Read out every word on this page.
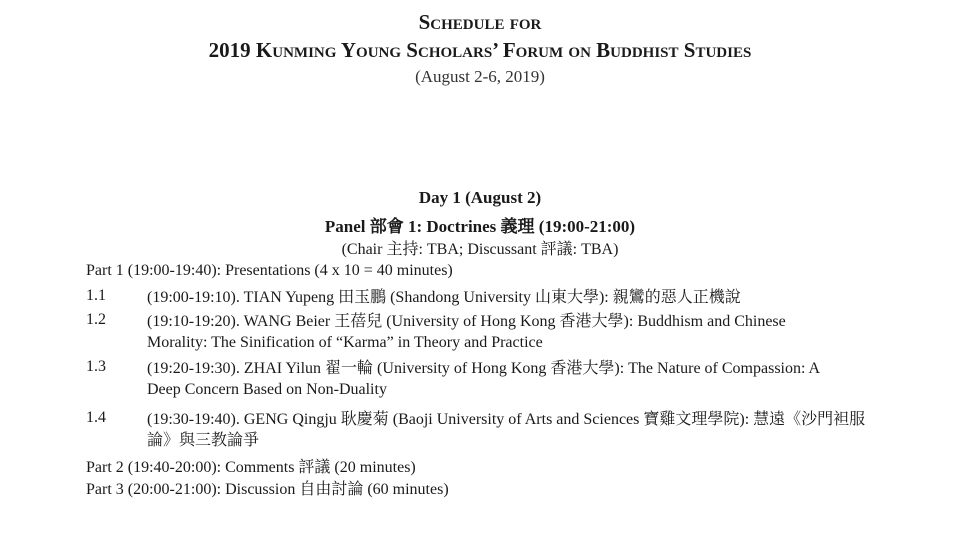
Schedule for
2019 Kunming Young Scholars’ Forum on Buddhist Studies
(August 2-6, 2019)
Day 1 (August 2)
Panel 部會 1: Doctrines 義理 (19:00-21:00)
(Chair 主持: TBA; Discussant 評議: TBA)
Part 1 (19:00-19:40): Presentations (4 x 10 = 40 minutes)
1.1	(19:00-19:10). TIAN Yupeng 田玉鵬 (Shandong University 山東大學): 親鸞的惡人正機說
1.2	(19:10-19:20). WANG Beier 王蓓兒 (University of Hong Kong 香港大學): Buddhism and Chinese Morality: The Sinification of “Karma” in Theory and Practice
1.3	(19:20-19:30). ZHAI Yilun 翟一輪 (University of Hong Kong 香港大學): The Nature of Compassion: A Deep Concern Based on Non-Duality
1.4	(19:30-19:40). GENG Qingju 耿慶菊 (Baoji University of Arts and Sciences 寶雞文理學院): 慧遠《沙門袒服論》與三教論爭
Part 2 (19:40-20:00): Comments 評議 (20 minutes)
Part 3 (20:00-21:00): Discussion 自由討論 (60 minutes)
